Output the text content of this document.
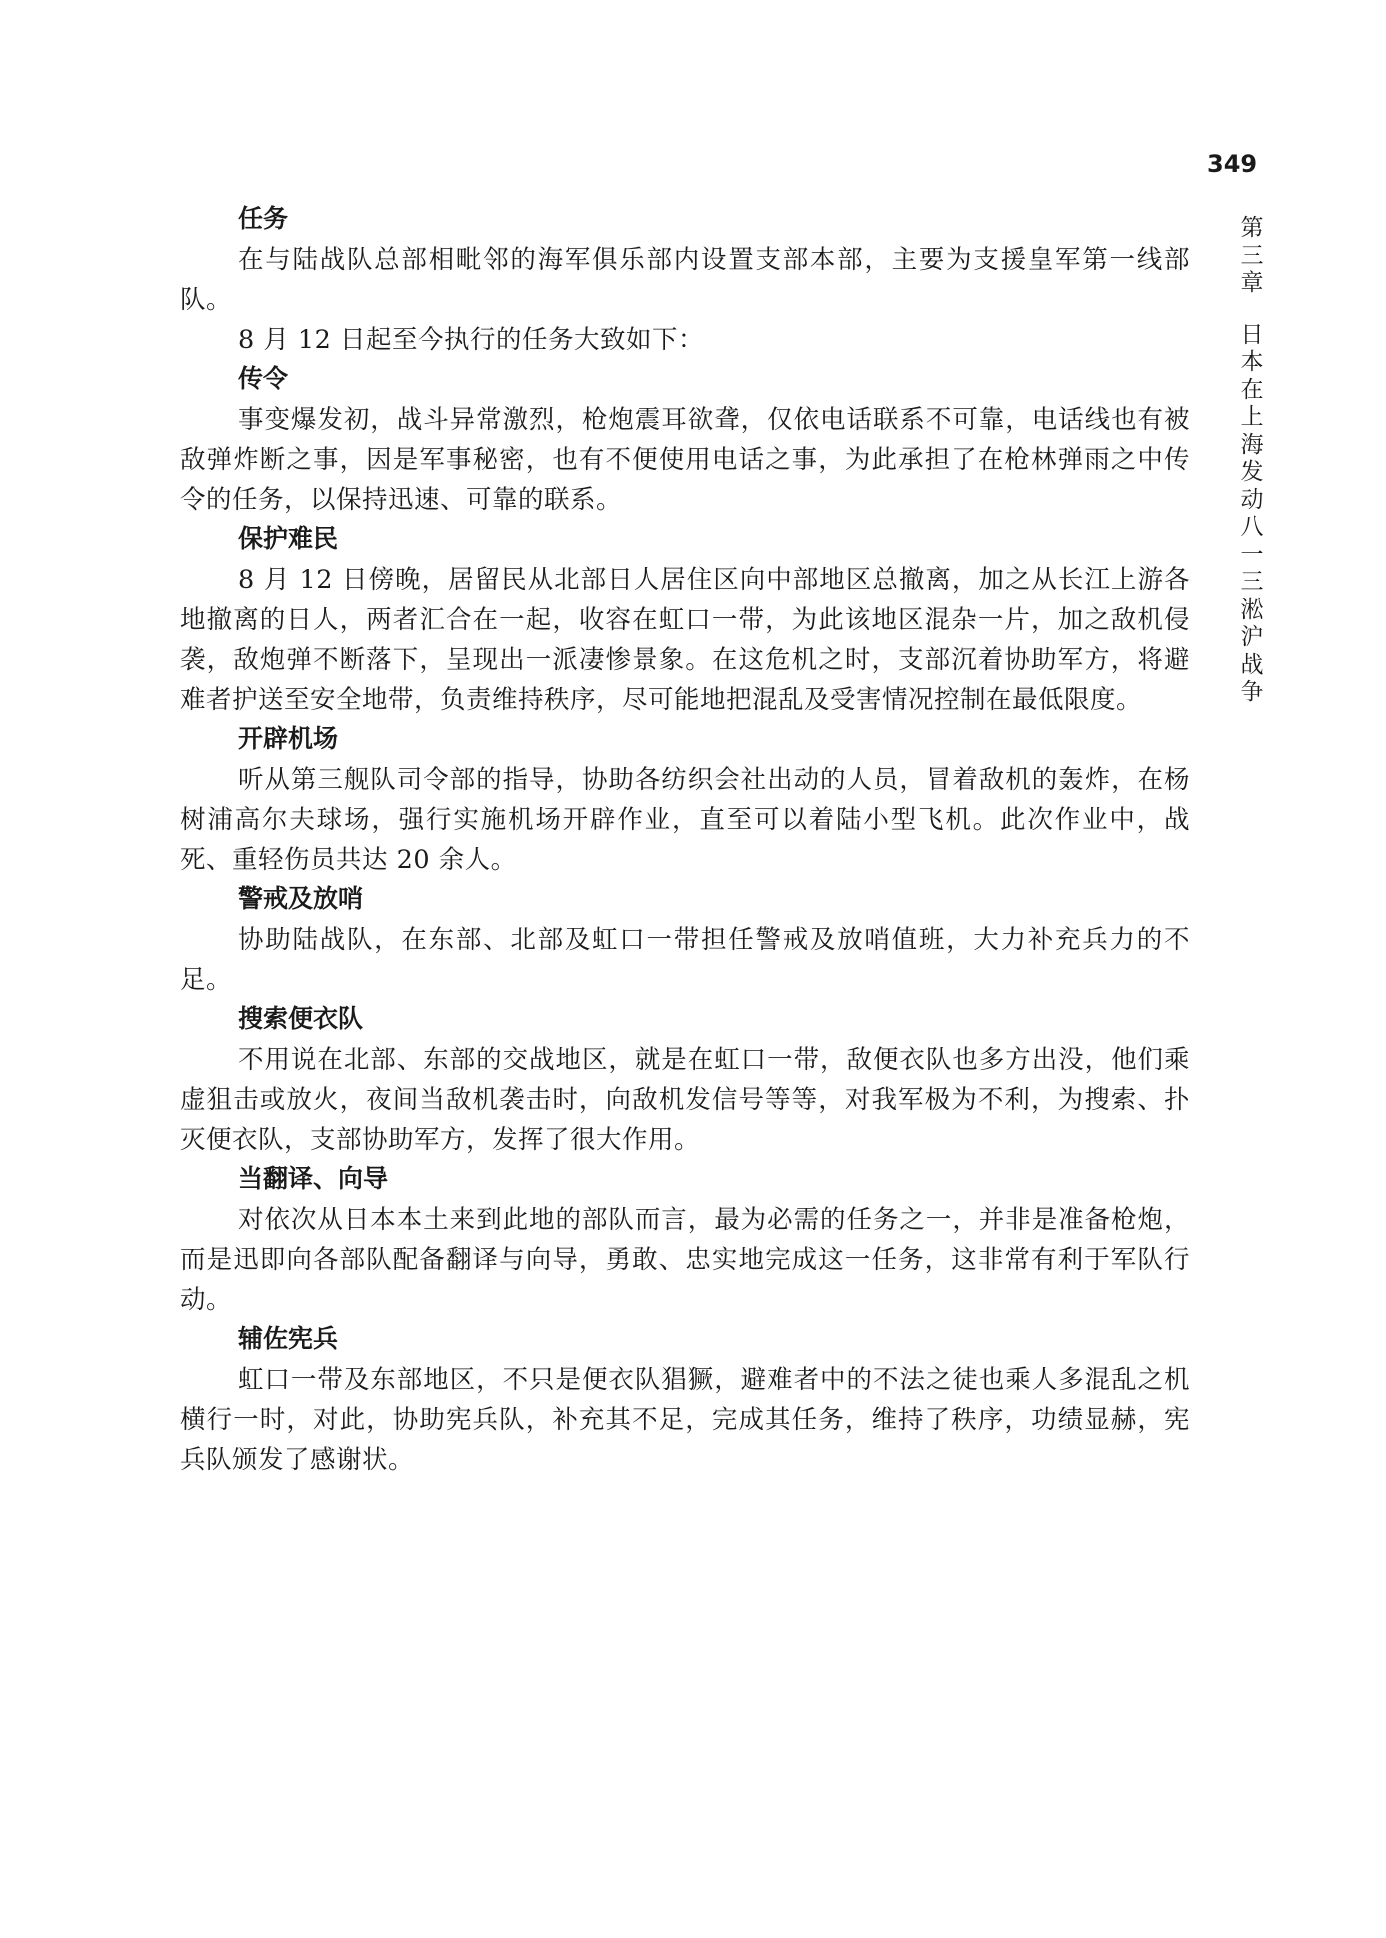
349
第
三
章
日
本
在
上
海
发
动
八
一
三
淞
沪
战
争
任务

在与陆战队总部相毗邻的海军俱乐部内设置支部本部，主要为支援皇军第一线部队。

8 月 12 日起至今执行的任务大致如下：

传令

事变爆发初，战斗异常激烈，枪炮震耳欲聋，仅依电话联系不可靠，电话线也有被敌弹炸断之事，因是军事秘密，也有不便使用电话之事，为此承担了在枪林弹雨之中传令的任务，以保持迅速、可靠的联系。

保护难民

8 月 12 日傍晚，居留民从北部日人居住区向中部地区总撤离，加之从长江上游各地撤离的日人，两者汇合在一起，收容在虹口一带，为此该地区混杂一片，加之敌机侵袭，敌炮弹不断落下，呈现出一派凄惨景象。在这危机之时，支部沉着协助军方，将避难者护送至安全地带，负责维持秩序，尽可能地把混乱及受害情况控制在最低限度。

开辟机场

听从第三舰队司令部的指导，协助各纺织会社出动的人员，冒着敌机的轰炸，在杨树浦高尔夫球场，强行实施机场开辟作业，直至可以着陆小型飞机。此次作业中，战死、重轻伤员共达 20 余人。

警戒及放哨

协助陆战队，在东部、北部及虹口一带担任警戒及放哨值班，大力补充兵力的不足。

搜索便衣队

不用说在北部、东部的交战地区，就是在虹口一带，敌便衣队也多方出没，他们乘虚狙击或放火，夜间当敌机袭击时，向敌机发信号等等，对我军极为不利，为搜索、扑灭便衣队，支部协助军方，发挥了很大作用。

当翻译、向导

对依次从日本本土来到此地的部队而言，最为必需的任务之一，并非是准备枪炮，而是迅即向各部队配备翻译与向导，勇敢、忠实地完成这一任务，这非常有利于军队行动。

辅佐宪兵

虹口一带及东部地区，不只是便衣队猖獗，避难者中的不法之徒也乘人多混乱之机横行一时，对此，协助宪兵队，补充其不足，完成其任务，维持了秩序，功绩显赫，宪兵队颁发了感谢状。
